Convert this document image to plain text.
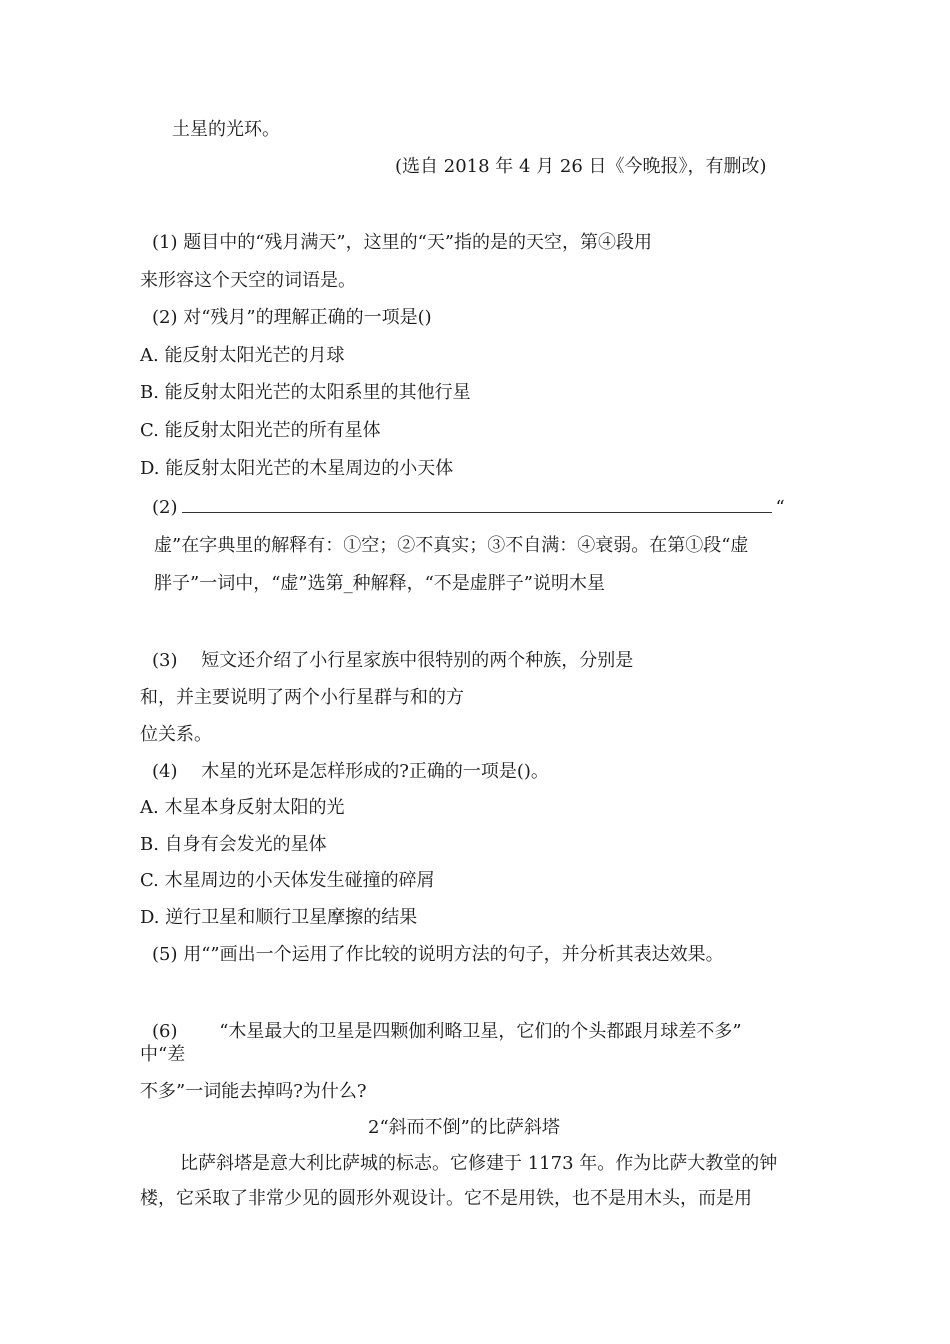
土星的光环。
(选自 2018 年 4 月 26 日《今晚报》，有删改)
(1) 题目中的“残月满天”，这里的“天”指的是的天空，第④段用
来形容这个天空的词语是。
(2) 对“残月”的理解正确的一项是()
A. 能反射太阳光芒的月球
B. 能反射太阳光芒的太阳系里的其他行星
C. 能反射太阳光芒的所有星体
D. 能反射太阳光芒的木星周边的小天体
(2)	“
虚”在字典里的解释有：①空；②不真实；③不自满：④衰弱。在第①段“虚
胖子”一词中，“虚”选第_种解释，“不是虚胖子”说明木星
(3)　 短文还介绍了小行星家族中很特别的两个种族，分别是
和，并主要说明了两个小行星群与和的方
位关系。
(4)　 木星的光环是怎样形成的?正确的一项是()。
A. 木星本身反射太阳的光
B. 自身有会发光的星体
C. 木星周边的小天体发生碰撞的碎屑
D. 逆行卫星和顺行卫星摩擦的结果
(5) 用“”画出一个运用了作比较的说明方法的句子，并分析其表达效果。
(6)　　 “木星最大的卫星是四颗伽利略卫星，它们的个头都跟月球差不多”
中“差
不多”一词能去掉吗?为什么?
2“斜而不倒”的比萨斜塔
比萨斜塔是意大利比萨城的标志。它修建于 1173 年。作为比萨大教堂的钟
楼，它采取了非常少见的圆形外观设计。它不是用铁，也不是用木头，而是用
